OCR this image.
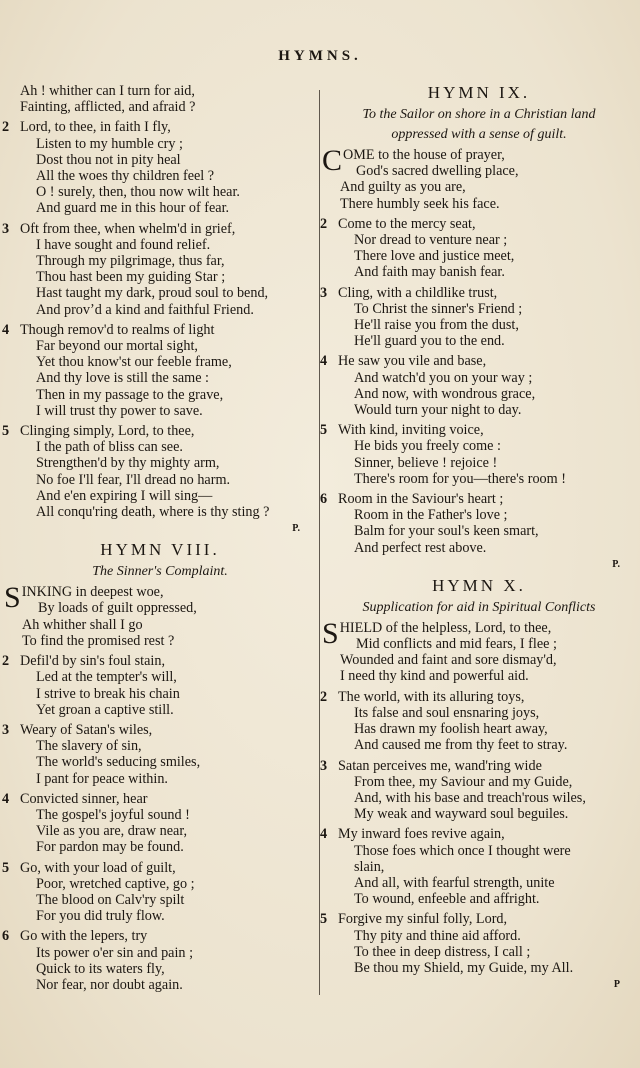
HYMNS.
Ah ! whither can I turn for aid,
Fainting, afflicted, and afraid ?
2 Lord, to thee, in faith I fly,
Listen to my humble cry ;
Dost thou not in pity heal
All the woes thy children feel ?
O ! surely, then, thou now wilt hear.
And guard me in this hour of fear.
3 Oft from thee, when whelm'd in grief,
I have sought and found relief.
Through my pilgrimage, thus far,
Thou hast been my guiding Star ;
Hast taught my dark, proud soul to bend,
And provʼd a kind and faithful Friend.
4 Though remov'd to realms of light
Far beyond our mortal sight,
Yet thou know'st our feeble frame,
And thy love is still the same :
Then in my passage to the grave,
I will trust thy power to save.
5 Clinging simply, Lord, to thee,
I the path of bliss can see.
Strengthen'd by thy mighty arm,
No foe I'll fear, I'll dread no harm.
And e'en expiring I will sing—
All conqu'ring death, where is thy sting ?
P.
HYMN VIII.
The Sinner's Complaint.
SINKING in deepest woe,
By loads of guilt oppressed,
Ah whither shall I go
To find the promised rest ?
2 Defil'd by sin's foul stain,
Led at the tempter's will,
I strive to break his chain
Yet groan a captive still.
3 Weary of Satan's wiles,
The slavery of sin,
The world's seducing smiles,
I pant for peace within.
4 Convicted sinner, hear
The gospel's joyful sound !
Vile as you are, draw near,
For pardon may be found.
5 Go, with your load of guilt,
Poor, wretched captive, go ;
The blood on Calv'ry spilt
For you did truly flow.
6 Go with the lepers, try
Its power o'er sin and pain ;
Quick to its waters fly,
Nor fear, nor doubt again.
HYMN IX.
To the Sailor on shore in a Christian land
oppressed with a sense of guilt.
COME to the house of prayer,
God's sacred dwelling place,
And guilty as you are,
There humbly seek his face.
2 Come to the mercy seat,
Nor dread to venture near ;
There love and justice meet,
And faith may banish fear.
3 Cling, with a childlike trust,
To Christ the sinner's Friend ;
He'll raise you from the dust,
He'll guard you to the end.
4 He saw you vile and base,
And watch'd you on your way ;
And now, with wondrous grace,
Would turn your night to day.
5 With kind, inviting voice,
He bids you freely come :
Sinner, believe ! rejoice !
There's room for you—there's room !
6 Room in the Saviour's heart ;
Room in the Father's love ;
Balm for your soul's keen smart,
And perfect rest above.
P.
HYMN X.
Supplication for aid in Spiritual Conflicts
SHIELD of the helpless, Lord, to thee,
Mid conflicts and mid fears, I flee ;
Wounded and faint and sore dismay'd,
I need thy kind and powerful aid.
2 The world, with its alluring toys,
Its false and soul ensnaring joys,
Has drawn my foolish heart away,
And caused me from thy feet to stray.
3 Satan perceives me, wand'ring wide
From thee, my Saviour and my Guide,
And, with his base and treach'rous wiles,
My weak and wayward soul beguiles.
4 My inward foes revive again,
Those foes which once I thought were
slain,
And all, with fearful strength, unite
To wound, enfeeble and affright.
5 Forgive my sinful folly, Lord,
Thy pity and thine aid afford.
To thee in deep distress, I call ;
Be thou my Shield, my Guide, my All.
P
